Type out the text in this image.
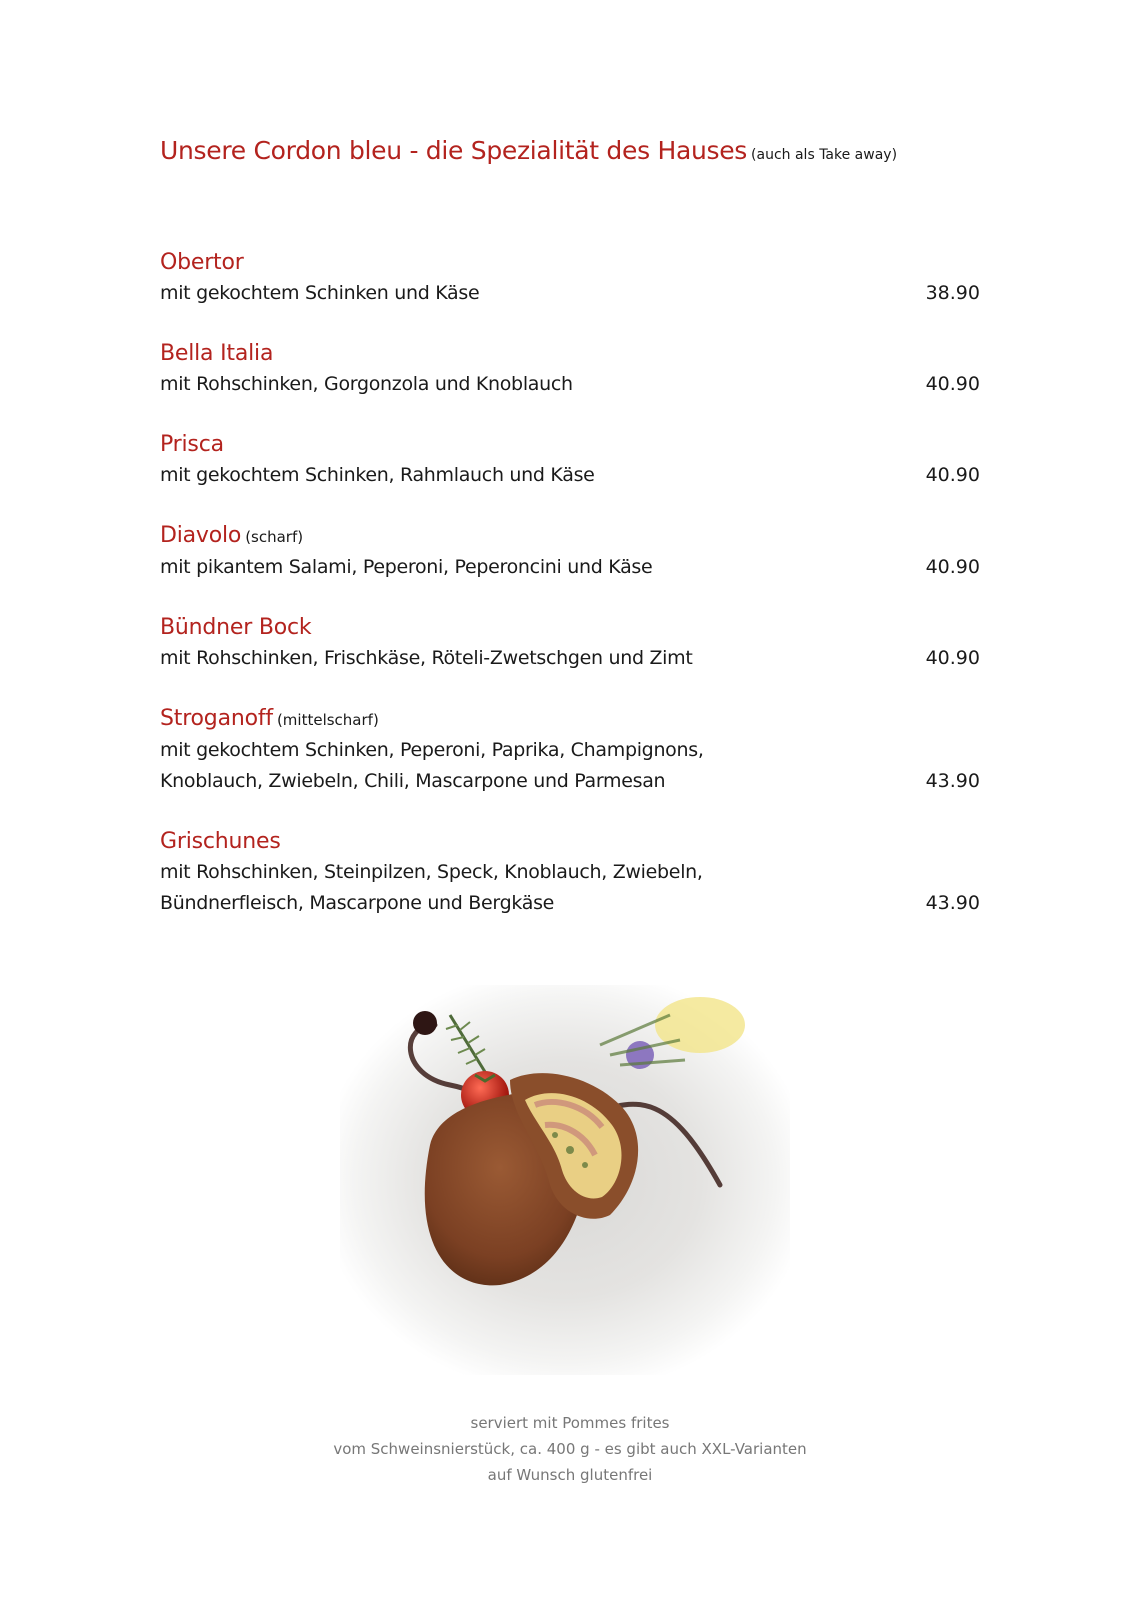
Unsere Cordon bleu - die Spezialität des Hauses (auch als Take away)
Obertor
mit gekochtem Schinken und Käse	38.90
Bella Italia
mit Rohschinken, Gorgonzola und Knoblauch	40.90
Prisca
mit gekochtem Schinken, Rahmlauch und Käse	40.90
Diavolo (scharf)
mit pikantem Salami, Peperoni, Peperoncini und Käse	40.90
Bündner Bock
mit Rohschinken, Frischkäse, Röteli-Zwetschgen und Zimt	40.90
Stroganoff (mittelscharf)
mit gekochtem Schinken, Peperoni, Paprika, Champignons,
Knoblauch, Zwiebeln, Chili, Mascarpone und Parmesan	43.90
Grischunes
mit Rohschinken, Steinpilzen, Speck, Knoblauch, Zwiebeln,
Bündnerfleisch, Mascarpone und Bergkäse	43.90
serviert mit Pommes frites
vom Schweinsnierstück, ca. 400 g - es gibt auch XXL-Varianten
auf Wunsch glutenfrei
